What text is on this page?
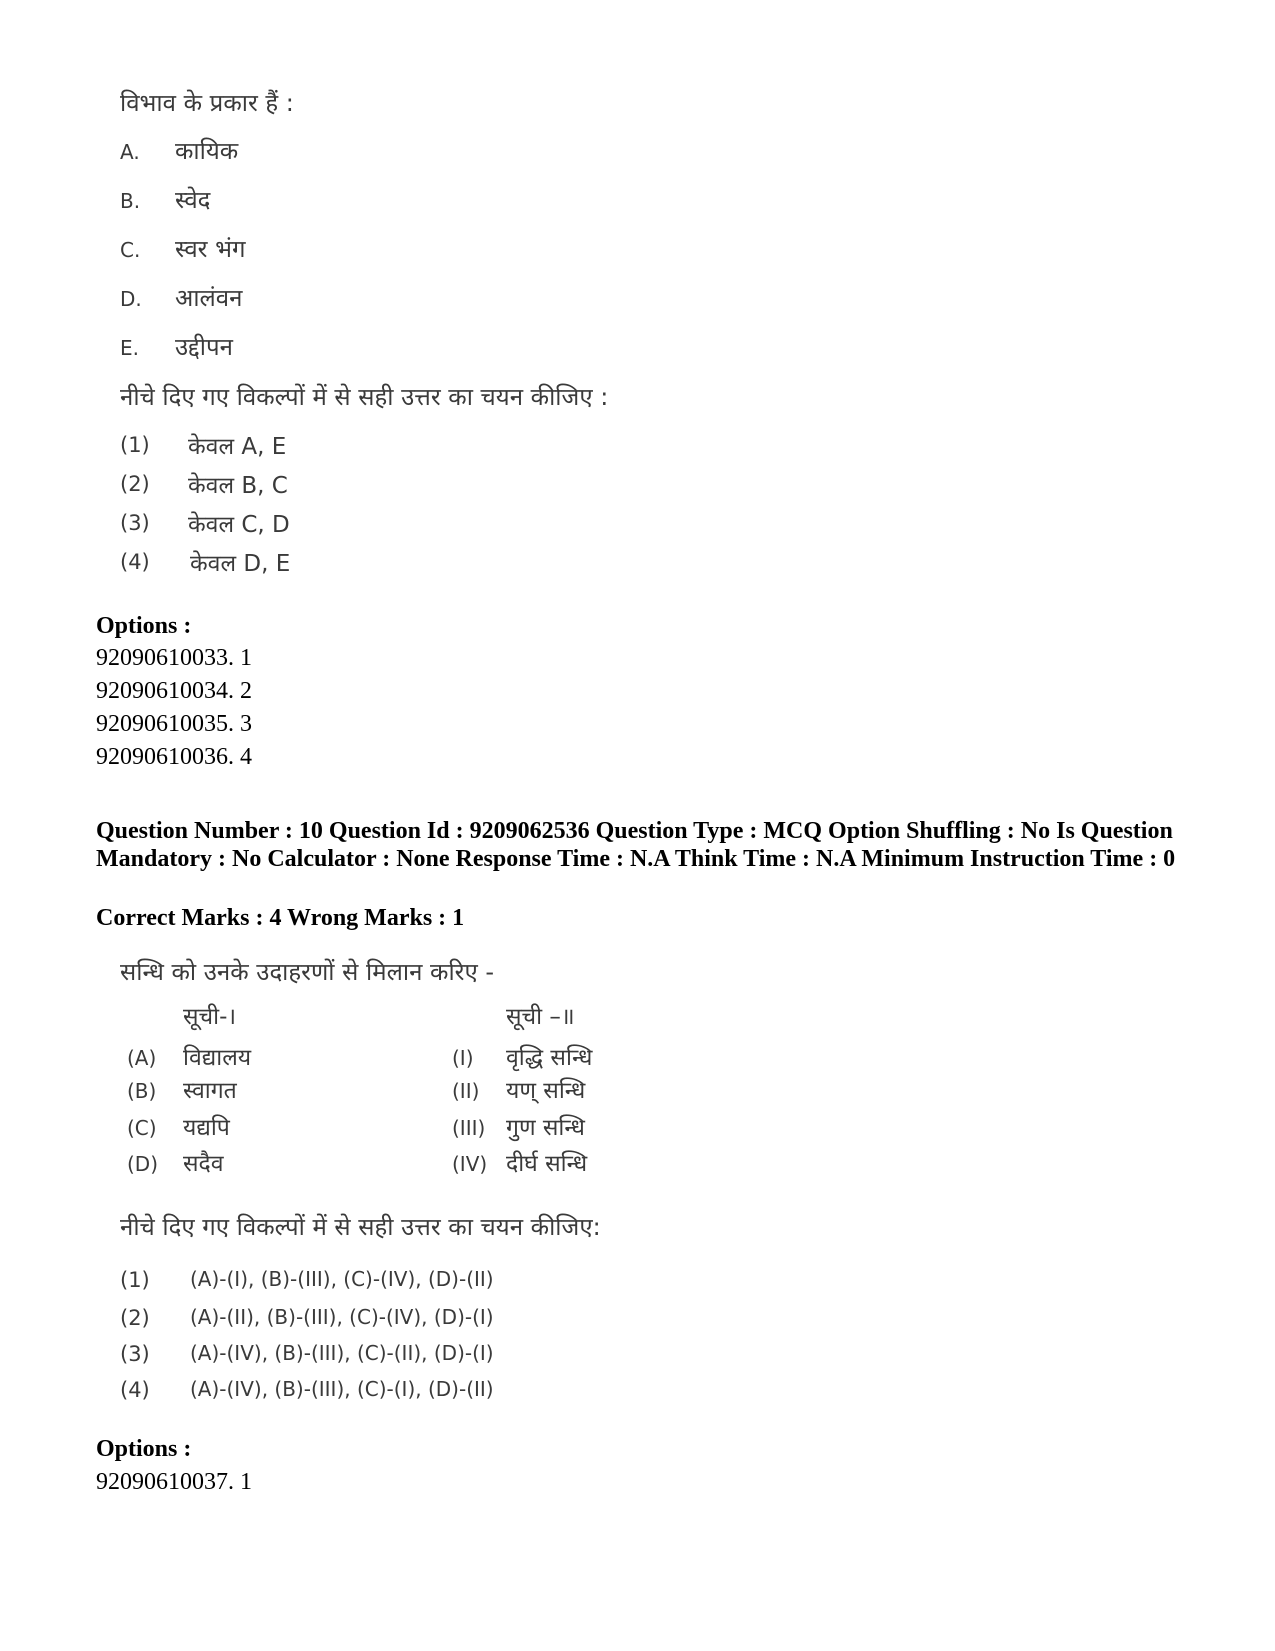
विभाव के प्रकार हैं :
A. कायिक
B. स्वेद
C. स्वर भंग
D. आलंवन
E. उद्दीपन
नीचे दिए गए विकल्पों में से सही उत्तर का चयन कीजिए :
(1) केवल A, E
(2) केवल B, C
(3) केवल C, D
(4) केवल D, E
Options :
92090610033. 1
92090610034. 2
92090610035. 3
92090610036. 4
Question Number : 10 Question Id : 9209062536 Question Type : MCQ Option Shuffling : No Is Question Mandatory : No Calculator : None Response Time : N.A Think Time : N.A Minimum Instruction Time : 0
Correct Marks : 4 Wrong Marks : 1
सन्धि को उनके उदाहरणों से मिलान करिए -
सूची-।	सूची –॥
(A) विद्यालय	(I) वृद्धि सन्धि
(B) स्वागत	(II) यण् सन्धि
(C) यद्यपि	(III) गुण सन्धि
(D) सदैव	(IV) दीर्घ सन्धि
नीचे दिए गए विकल्पों में से सही उत्तर का चयन कीजिए:
(1) (A)-(I), (B)-(III), (C)-(IV), (D)-(II)
(2) (A)-(II), (B)-(III), (C)-(IV), (D)-(I)
(3) (A)-(IV), (B)-(III), (C)-(II), (D)-(I)
(4) (A)-(IV), (B)-(III), (C)-(I), (D)-(II)
Options :
92090610037. 1
